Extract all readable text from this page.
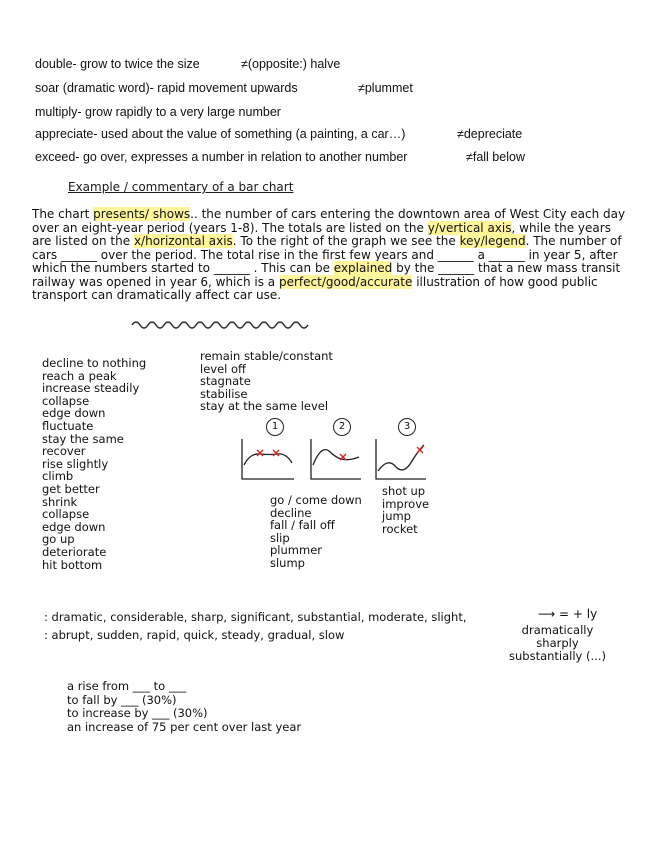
double- grow to twice the size	≠(opposite:) halve
soar (dramatic word)- rapid movement upwards	≠plummet
multiply- grow rapidly to a very large number
appreciate- used about the value of something (a painting, a car…)	≠depreciate
exceed- go over, expresses a number in relation to another number	≠fall below
Example / commentary of a bar chart
The chart presents/ shows.. the number of cars entering the downtown area of West City each day over an eight-year period (years 1-8). The totals are listed on the y/vertical axis, while the years are listed on the x/horizontal axis. To the right of the graph we see the key/legend. The number of cars ______ over the period. The total rise in the first few years and ______ a ______ in year 5, after which the numbers started to ______ . This can be explained by the ______ that a new mass transit railway was opened in year 6, which is a perfect/good/accurate illustration of how good public transport can dramatically affect car use.
decline to nothing
reach a peak
increase steadily
collapse
edge down
fluctuate
stay the same
recover
rise slightly
climb
get better
shrink
collapse
edge down
go up
deteriorate
hit bottom
remain stable/constant
level off
stagnate
stabilise
stay at the same level
1	2	3
go / come down
decline
fall / fall off
slip
plummer
slump
shot up
improve
jump
rocket
: dramatic, considerable, sharp, significant, substantial, moderate, slight,
: abrupt, sudden, rapid, quick, steady, gradual, slow
⟶ = + ly
dramatically
sharply
substantially (...)
a rise from ___ to ___
to fall by ___ (30%)
to increase by ___ (30%)
an increase of 75 per cent over last year
